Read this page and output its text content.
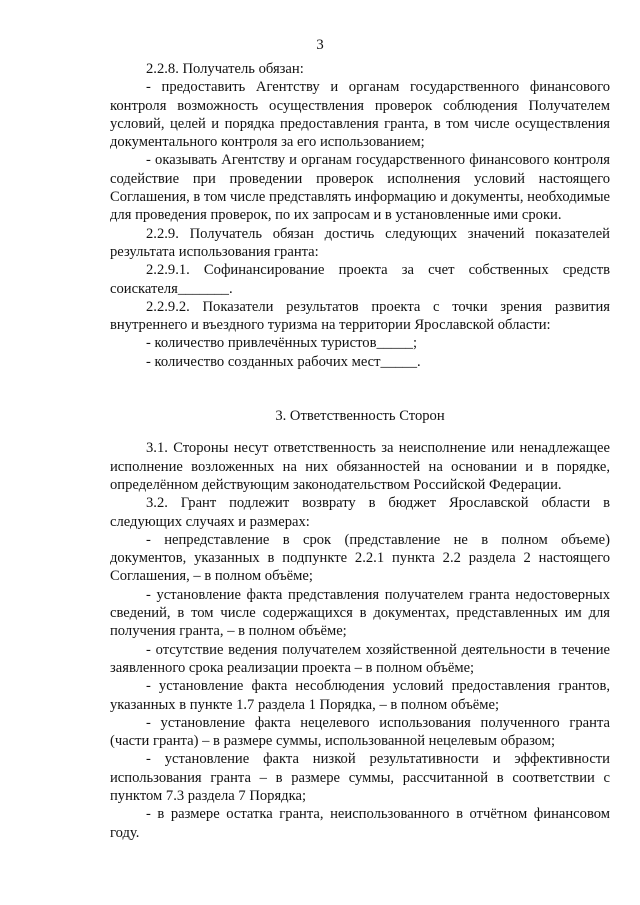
3

2.2.8. Получатель обязан:

- предоставить Агентству и органам государственного финансового контроля возможность осуществления проверок соблюдения Получателем условий, целей и порядка предоставления гранта, в том числе осуществления документального контроля за его использованием;

- оказывать Агентству и органам государственного финансового контроля содействие при проведении проверок исполнения условий настоящего Соглашения, в том числе представлять информацию и документы, необходимые для проведения проверок, по их запросам и в установленные ими сроки.

2.2.9. Получатель обязан достичь следующих значений показателей результата использования гранта:

2.2.9.1. Софинансирование проекта за счет собственных средств соискателя_______.

2.2.9.2. Показатели результатов проекта с точки зрения развития внутреннего и въездного туризма на территории Ярославской области:

- количество привлечённых туристов_____;

- количество созданных рабочих мест_____.

3. Ответственность Сторон

3.1. Стороны несут ответственность за неисполнение или ненадлежащее исполнение возложенных на них обязанностей на основании и в порядке, определённом действующим законодательством Российской Федерации.

3.2. Грант подлежит возврату в бюджет Ярославской области в следующих случаях и размерах:

- непредставление в срок (представление не в полном объеме) документов, указанных в подпункте 2.2.1 пункта 2.2 раздела 2 настоящего Соглашения, – в полном объёме;

- установление факта представления получателем гранта недостоверных сведений, в том числе содержащихся в документах, представленных им для получения гранта, – в полном объёме;

- отсутствие ведения получателем хозяйственной деятельности в течение заявленного срока реализации проекта – в полном объёме;

- установление факта несоблюдения условий предоставления грантов, указанных в пункте 1.7 раздела 1 Порядка, – в полном объёме;

- установление факта нецелевого использования полученного гранта (части гранта) – в размере суммы, использованной нецелевым образом;

- установление факта низкой результативности и эффективности использования гранта – в размере суммы, рассчитанной в соответствии с пунктом 7.3 раздела 7 Порядка;

- в размере остатка гранта, неиспользованного в отчётном финансовом году.
